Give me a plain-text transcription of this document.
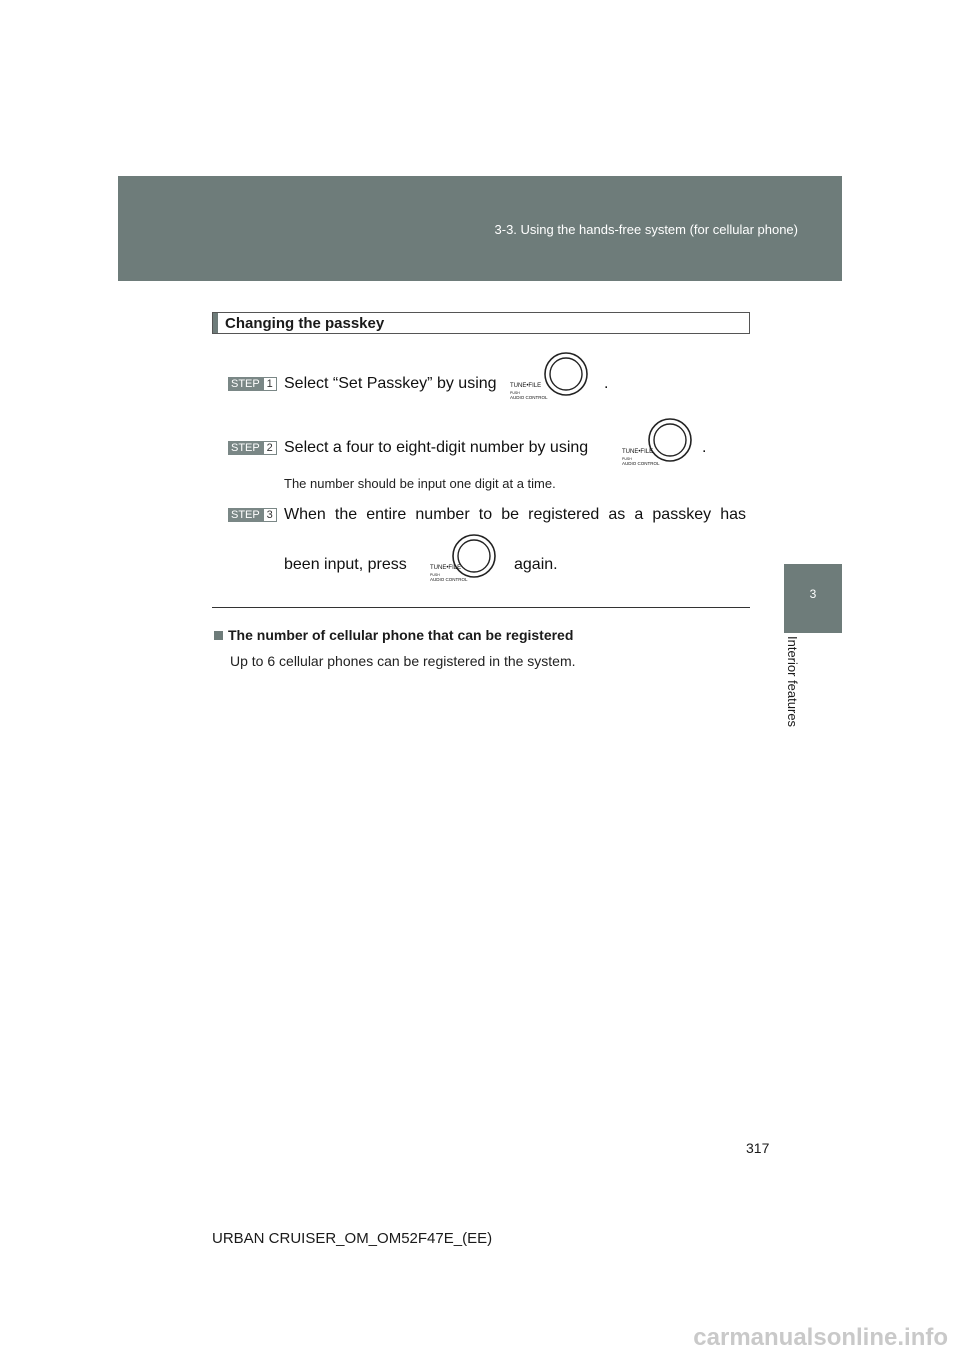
3-3. Using the hands-free system (for cellular phone)
3
Interior features
Changing the passkey
STEP 1 Select “Set Passkey” by using TUNE•FILE
PUSH
AUDIO CONTROL
.
STEP 2 Select a four to eight-digit number by using	TUNE•FILE
PUSH
AUDIO CONTROL
.
The number should be input one digit at a time.
STEP 3 When the entire number to be registered as a passkey has
been input, press	TUNE•FILE
PUSH
AUDIO CONTROL
again.
The number of cellular phone that can be registered
Up to 6 cellular phones can be registered in the system.
317
URBAN CRUISER_OM_OM52F47E_(EE)
carmanualsonline.info
